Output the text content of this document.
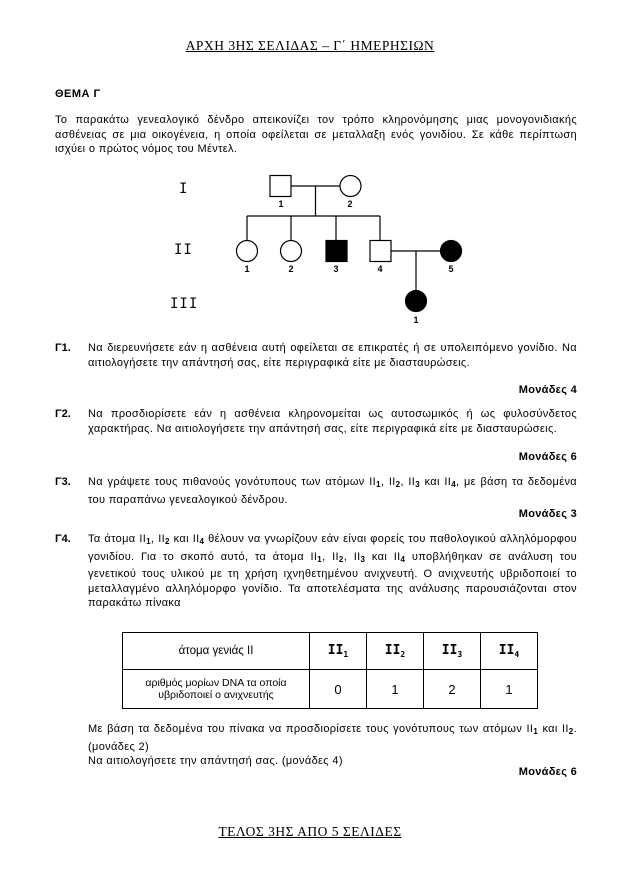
ΑΡΧΗ 3ΗΣ ΣΕΛΙΔΑΣ – Γ΄ ΗΜΕΡΗΣΙΩΝ
ΘΕΜΑ Γ
Το παρακάτω γενεαλογικό δένδρο απεικονίζει τον τρόπο κληρονόμησης μιας μονογονιδιακής ασθένειας σε μια οικογένεια, η οποία οφείλεται σε μεταλλαξη ενός γονιδίου. Σε κάθε περίπτωση ισχύει ο πρώτος νόμος του Μέντελ.
I
II
III
1	2
1	2	3	4	5
1
Γ1. Να διερευνήσετε εάν η ασθένεια αυτή οφείλεται σε επικρατές ή σε υπολειπόμενο γονίδιο. Να αιτιολογήσετε την απάντησή σας, είτε περιγραφικά είτε με διασταυρώσεις.
Μονάδες 4
Γ2. Να προσδιορίσετε εάν η ασθένεια κληρονομείται ως αυτοσωμικός ή ως φυλοσύνδετος χαρακτήρας. Να αιτιολογήσετε την απάντησή σας, είτε περιγραφικά είτε με διασταυρώσεις.
Μονάδες 6
Γ3. Να γράψετε τους πιθανούς γονότυπους των ατόμων $II_1$, $II_2$, $II_3$ και $II_4$, με βάση τα δεδομένα του παραπάνω γενεαλογικού δένδρου.
Μονάδες 3
Γ4. Τα άτομα $II_1$, $II_2$ και $II_4$ θέλουν να γνωρίζουν εάν είναι φορείς του παθολογικού αλληλόμορφου γονιδίου. Για το σκοπό αυτό, τα άτομα $II_1$, $II_2$, $II_3$ και $II_4$ υποβλήθηκαν σε ανάλυση του γενετικού τους υλικού με τη χρήση ιχνηθετημένου ανιχνευτή. Ο ανιχνευτής υβριδοποιεί το μεταλλαγμένο αλληλόμορφο γονίδιο. Τα αποτελέσματα της ανάλυσης παρουσιάζονται στον παρακάτω πίνακα
άτομα γενιάς ΙΙ	$II_1$	$II_2$	$II_3$	$II_4$
αριθμός μορίων DNA τα οποία υβριδοποιεί ο ανιχνευτής	0	1	2	1
Με βάση τα δεδομένα του πίνακα να προσδιορίσετε τους γονότυπους των ατόμων $II_1$ και $II_2$. (μονάδες 2)
Να αιτιολογήσετε την απάντησή σας. (μονάδες 4)
Μονάδες 6
ΤΕΛΟΣ 3ΗΣ ΑΠΟ 5 ΣΕΛΙΔΕΣ
